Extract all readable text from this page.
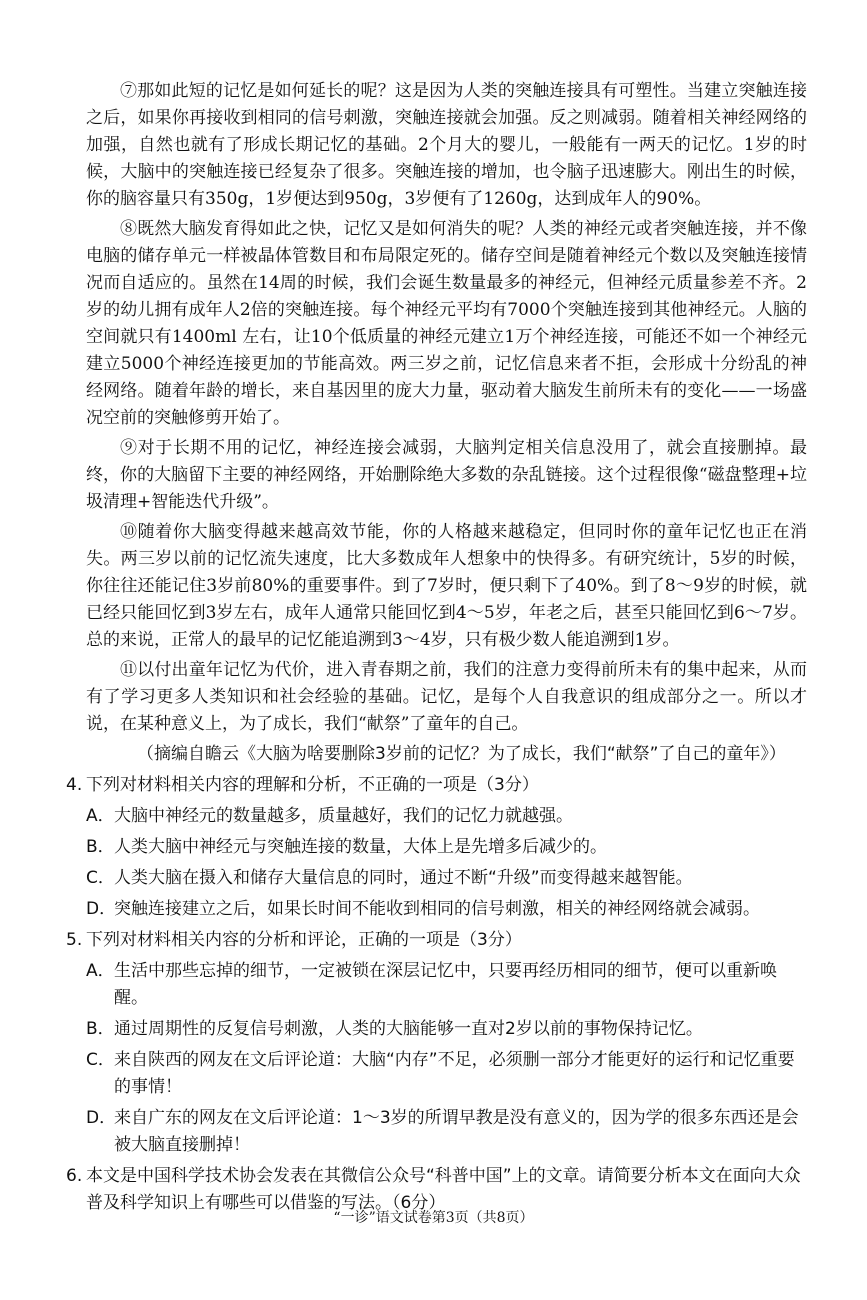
⑦那如此短的记忆是如何延长的呢？这是因为人类的突触连接具有可塑性。当建立突触连接之后，如果你再接收到相同的信号刺激，突触连接就会加强。反之则减弱。随着相关神经网络的加强，自然也就有了形成长期记忆的基础。2个月大的婴儿，一般能有一两天的记忆。1岁的时候，大脑中的突触连接已经复杂了很多。突触连接的增加，也令脑子迅速膨大。刚出生的时候，你的脑容量只有350g，1岁便达到950g，3岁便有了1260g，达到成年人的90%。

⑧既然大脑发育得如此之快，记忆又是如何消失的呢？人类的神经元或者突触连接，并不像电脑的储存单元一样被晶体管数目和布局限定死的。储存空间是随着神经元个数以及突触连接情况而自适应的。虽然在14周的时候，我们会诞生数量最多的神经元，但神经元质量参差不齐。2岁的幼儿拥有成年人2倍的突触连接。每个神经元平均有7000个突触连接到其他神经元。人脑的空间就只有1400ml 左右，让10个低质量的神经元建立1万个神经连接，可能还不如一个神经元建立5000个神经连接更加的节能高效。两三岁之前，记忆信息来者不拒，会形成十分纷乱的神经网络。随着年龄的增长，来自基因里的庞大力量，驱动着大脑发生前所未有的变化——一场盛况空前的突触修剪开始了。

⑨对于长期不用的记忆，神经连接会减弱，大脑判定相关信息没用了，就会直接删掉。最终，你的大脑留下主要的神经网络，开始删除绝大多数的杂乱链接。这个过程很像“磁盘整理+垃圾清理+智能迭代升级”。

⑩随着你大脑变得越来越高效节能，你的人格越来越稳定，但同时你的童年记忆也正在消失。两三岁以前的记忆流失速度，比大多数成年人想象中的快得多。有研究统计，5岁的时候，你往往还能记住3岁前80%的重要事件。到了7岁时，便只剩下了40%。到了8～9岁的时候，就已经只能回忆到3岁左右，成年人通常只能回忆到4～5岁，年老之后，甚至只能回忆到6～7岁。总的来说，正常人的最早的记忆能追溯到3～4岁，只有极少数人能追溯到1岁。

⑪以付出童年记忆为代价，进入青春期之前，我们的注意力变得前所未有的集中起来，从而有了学习更多人类知识和社会经验的基础。记忆，是每个人自我意识的组成部分之一。所以才说，在某种意义上，为了成长，我们“献祭”了童年的自己。

（摘编自瞻云《大脑为啥要删除3岁前的记忆？为了成长，我们“献祭”了自己的童年》）

4. 下列对材料相关内容的理解和分析，不正确的一项是（3分）
A． 大脑中神经元的数量越多，质量越好，我们的记忆力就越强。
B． 人类大脑中神经元与突触连接的数量，大体上是先增多后减少的。
C． 人类大脑在摄入和储存大量信息的同时，通过不断“升级”而变得越来越智能。
D．
突触连接建立之后，如果长时间不能收到相同的信号刺激，相关的神经网络就会减弱。
5. 下列对材料相关内容的分析和评论，正确的一项是（3分）
A． 生活中那些忘掉的细节，一定被锁在深层记忆中，只要再经历相同的细节，便可以重新唤醒。
B． 通过周期性的反复信号刺激，人类的大脑能够一直对2岁以前的事物保持记忆。
C． 来自陕西的网友在文后评论道：大脑“内存”不足，必须删一部分才能更好的运行和记忆重要的事情！
D．
来自广东的网友在文后评论道：1～3岁的所谓早教是没有意义的，因为学的很多东西还是会被大脑直接删掉！
6. 本文是中国科学技术协会发表在其微信公众号“科普中国”上的文章。请简要分析本文在面向大众普及科学知识上有哪些可以借鉴的写法。（6分）
“一诊”语文试卷第3页（共8页）
